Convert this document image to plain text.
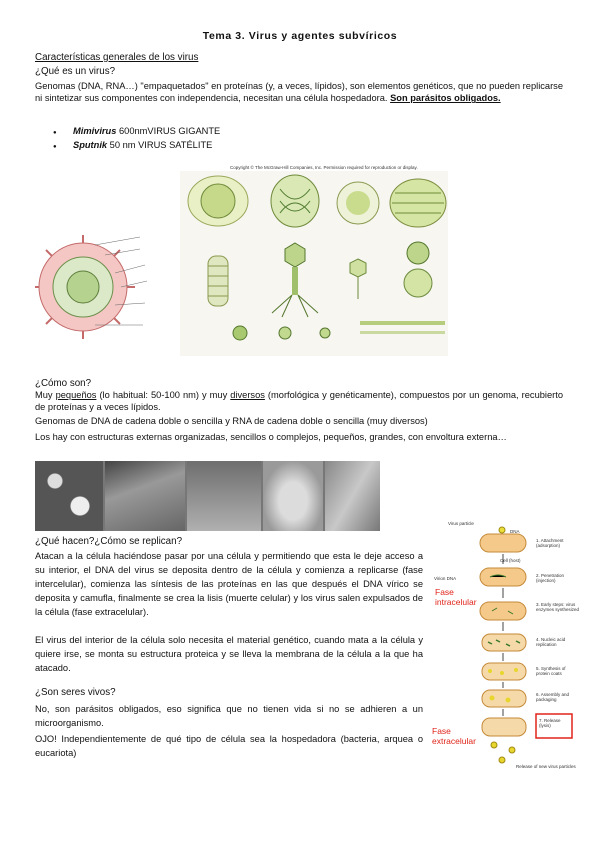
Tema 3. Virus y agentes subvíricos
Características generales de los virus
¿Qué es un virus?
Genomas (DNA, RNA…) "empaquetados" en proteínas (y, a veces, lípidos), son elementos genéticos, que no pueden replicarse ni sintetizar sus componentes con independencia, necesitan una célula hospedadora. Son parásitos obligados.
● Mimivirus 600nmVIRUS GIGANTE
● Sputnik 50 nm VIRUS SATÉLITE
Copyright © The McGraw-Hill Companies, Inc. Permission required for reproduction or display.
¿Cómo son?
Muy pequeños (lo habitual: 50-100 nm) y muy diversos (morfológica y genéticamente), compuestos por un genoma, recubierto de proteínas y a veces lípidos.
Genomas de DNA de cadena doble o sencilla y RNA de cadena doble o sencilla (muy diversos)
Los hay con estructuras externas organizadas, sencillos o complejos, pequeños, grandes, con envoltura externa…
¿Qué hacen?¿Cómo se replican?
Atacan a la célula haciéndose pasar por una célula y permitiendo que esta le deje acceso a su interior, el DNA del virus se deposita dentro de la célula y comienza a replicarse (fase intercelular), comienza las síntesis de las proteínas en las que después el DNA vírico se deposita y camufla, finalmente se crea la lisis (muerte celular) y los virus salen expulsados de la célula (fase extracelular).
El virus del interior de la célula solo necesita el material genético, cuando mata a la célula y quiere irse, se monta su estructura proteica y se lleva la membrana de la célula a la que ha atacado.
¿Son seres vivos?
No, son parásitos obligados, eso significa que no tienen vida si no se adhieren a un microorganismo.
OJO! Independientemente de qué tipo de célula sea la hospedadora (bacteria, arquea o eucariota)
Virus particle
DNA
Cell (host)
Virion DNA
Release of new virus particles
1. Attachment (adsorption)
2. Penetration (injection)
3. Early steps: virus enzymes synthesized
4. Nucleic acid replication
5. Synthesis of protein coats
6. Assembly and packaging
7. Release (lysis)
Fase intracelular
Fase extracelular
